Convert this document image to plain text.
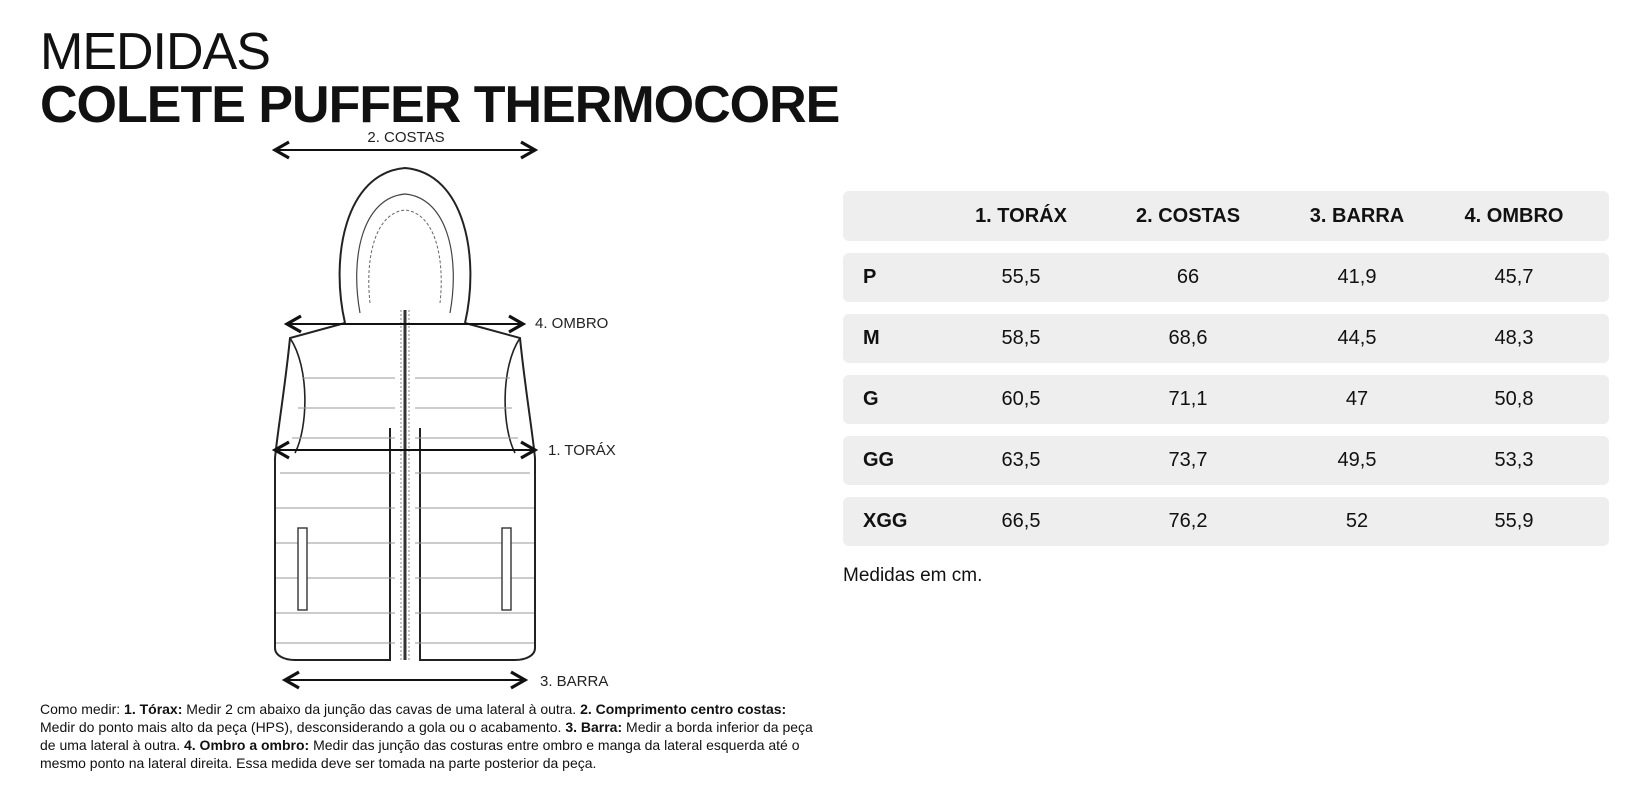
MEDIDAS
COLETE PUFFER THERMOCORE
2. COSTAS
4. OMBRO
1. TORÁX
3. BARRA
1. TORÁX	2. COSTAS	3. BARRA	4. OMBRO
P	55,5	66	41,9	45,7
M	58,5	68,6	44,5	48,3
G	60,5	71,1	47	50,8
GG	63,5	73,7	49,5	53,3
XGG	66,5	76,2	52	55,9
Medidas em cm.
Como medir: 1. Tórax: Medir 2 cm abaixo da junção das cavas de uma lateral à outra. 2. Comprimento centro costas: Medir do ponto mais alto da peça (HPS), desconsiderando a gola ou o acabamento. 3. Barra: Medir a borda inferior da peça de uma lateral à outra. 4. Ombro a ombro: Medir das junção das costuras entre ombro e manga da lateral esquerda até o mesmo ponto na lateral direita. Essa medida deve ser tomada na parte posterior da peça.
